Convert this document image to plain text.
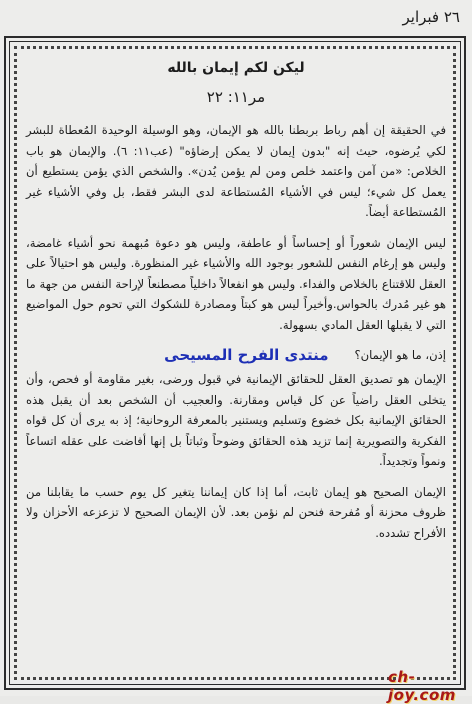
٢٦ فبراير
ليكن لكم إيمان بالله
مر١١: ٢٢

في الحقيقة إن أهم رباط بربطنا بالله هو الإيمان، وهو الوسيلة الوحيدة المُعطاة للبشر لكي يُرضوه، حيث إنه "بدون إيمان لا يمكن إرضاؤه" (عب١١: ٦). والإيمان هو باب الخلاص: «من آمن واعتمد خلص ومن لم يؤمن يُدن». والشخص الذي يؤمن يستطيع أن يعمل كل شيء؛ ليس في الأشياء المُستطاعة لدى البشر فقط، بل وفي الأشياء غير المُستطاعة أيضاً.

ليس الإيمان شعوراً أو إحساساً أو عاطفة، وليس هو دعوة مُبهمة نحو أشياء غامضة، وليس هو إرغام النفس للشعور بوجود الله والأشياء غير المنظورة. وليس هو احتيالاً على العقل للاقتناع بالخلاص والفداء. وليس هو انفعالاً داخلياً مصطنعاً لإراحة النفس من جهة ما هو غير مُدرك بالحواس.وأخيراً ليس هو كبتاً ومصادرة للشكوك التي تحوم حول المواضيع التي لا يقبلها العقل المادي بسهولة.

إذن، ما هو الإيمان؟
منتدى الفرح المسيحى

الإيمان هو تصديق العقل للحقائق الإيمانية في قبول ورضى، بغير مقاومة أو فحص، وأن يتخلى العقل راضياً عن كل قياس ومقارنة. والعجيب أن الشخص بعد أن يقبل هذه الحقائق الإيمانية بكل خضوع وتسليم ويستنير بالمعرفة الروحانية؛ إذ به يرى أن كل قواه الفكرية والتصويرية إنما تزيد هذه الحقائق وضوحاً وثباتاً بل إنها أفاضت على عقله اتساعاً ونمواً وتجديداً.

الإيمان الصحيح هو إيمان ثابت، أما إذا كان إيماننا يتغير كل يوم حسب ما يقابلنا من ظروف محزنة أو مُفرحة فنحن لم نؤمن بعد. لأن الإيمان الصحيح لا تزعزعه الأحزان ولا الأفراح تشدده.

ch-joy.com
